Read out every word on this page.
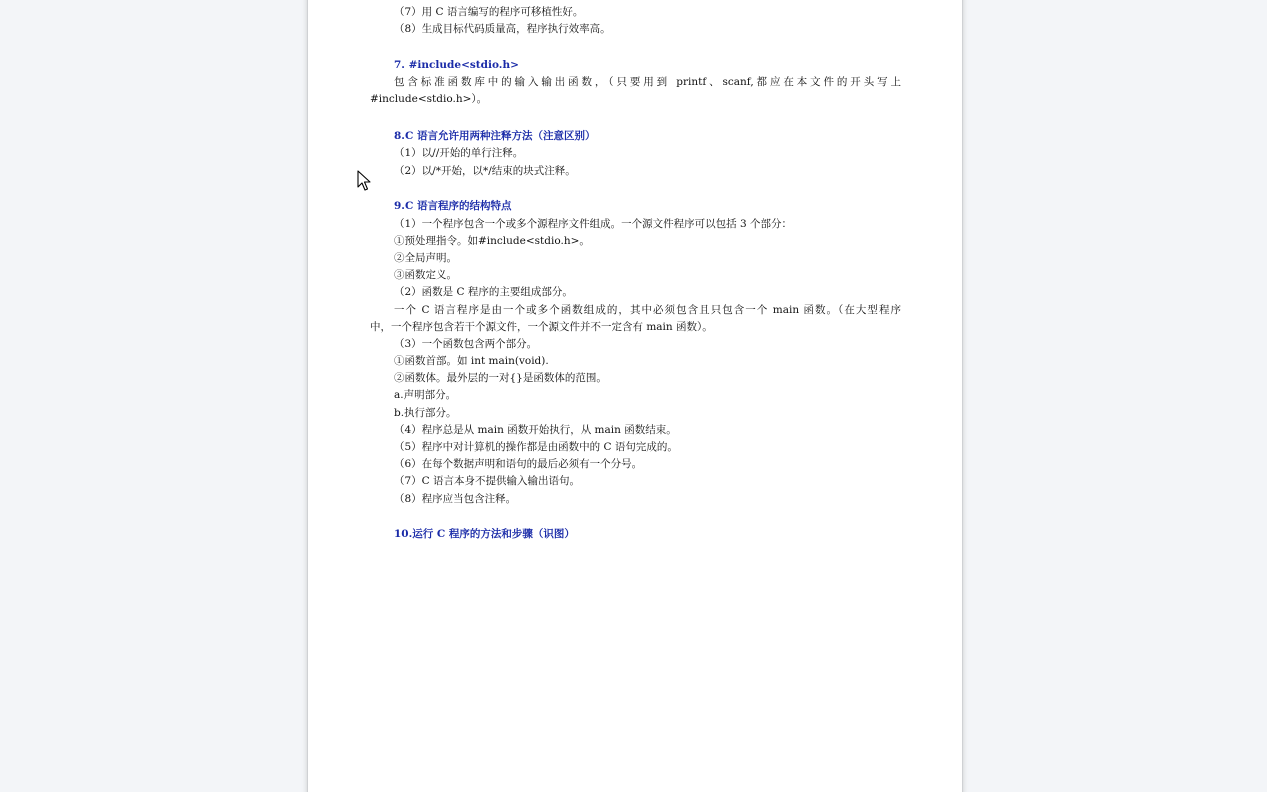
（7）用 C 语言编写的程序可移植性好。
（8）生成目标代码质量高，程序执行效率高。
7. #include<stdio.h>
包含标准函数库中的输入输出函数，（只要用到 printf、scanf,都应在本文件的开头写上
#include<stdio.h>）。
8.C 语言允许用两种注释方法（注意区别）
（1）以//开始的单行注释。
（2）以/*开始，以*/结束的块式注释。
9.C 语言程序的结构特点
（1）一个程序包含一个或多个源程序文件组成。一个源文件程序可以包括 3 个部分：
①预处理指令。如#include<stdio.h>。
②全局声明。
③函数定义。
（2）函数是 C 程序的主要组成部分。
一个 C 语言程序是由一个或多个函数组成的，其中必须包含且只包含一个 main 函数。（在大型程序
中，一个程序包含若干个源文件，一个源文件并不一定含有 main 函数）。
（3）一个函数包含两个部分。
①函数首部。如 int main(void).
②函数体。最外层的一对{}是函数体的范围。
a.声明部分。
b.执行部分。
（4）程序总是从 main 函数开始执行，从 main 函数结束。
（5）程序中对计算机的操作都是由函数中的 C 语句完成的。
（6）在每个数据声明和语句的最后必须有一个分号。
（7）C 语言本身不提供输入输出语句。
（8）程序应当包含注释。
10.运行 C 程序的方法和步骤（识图）
